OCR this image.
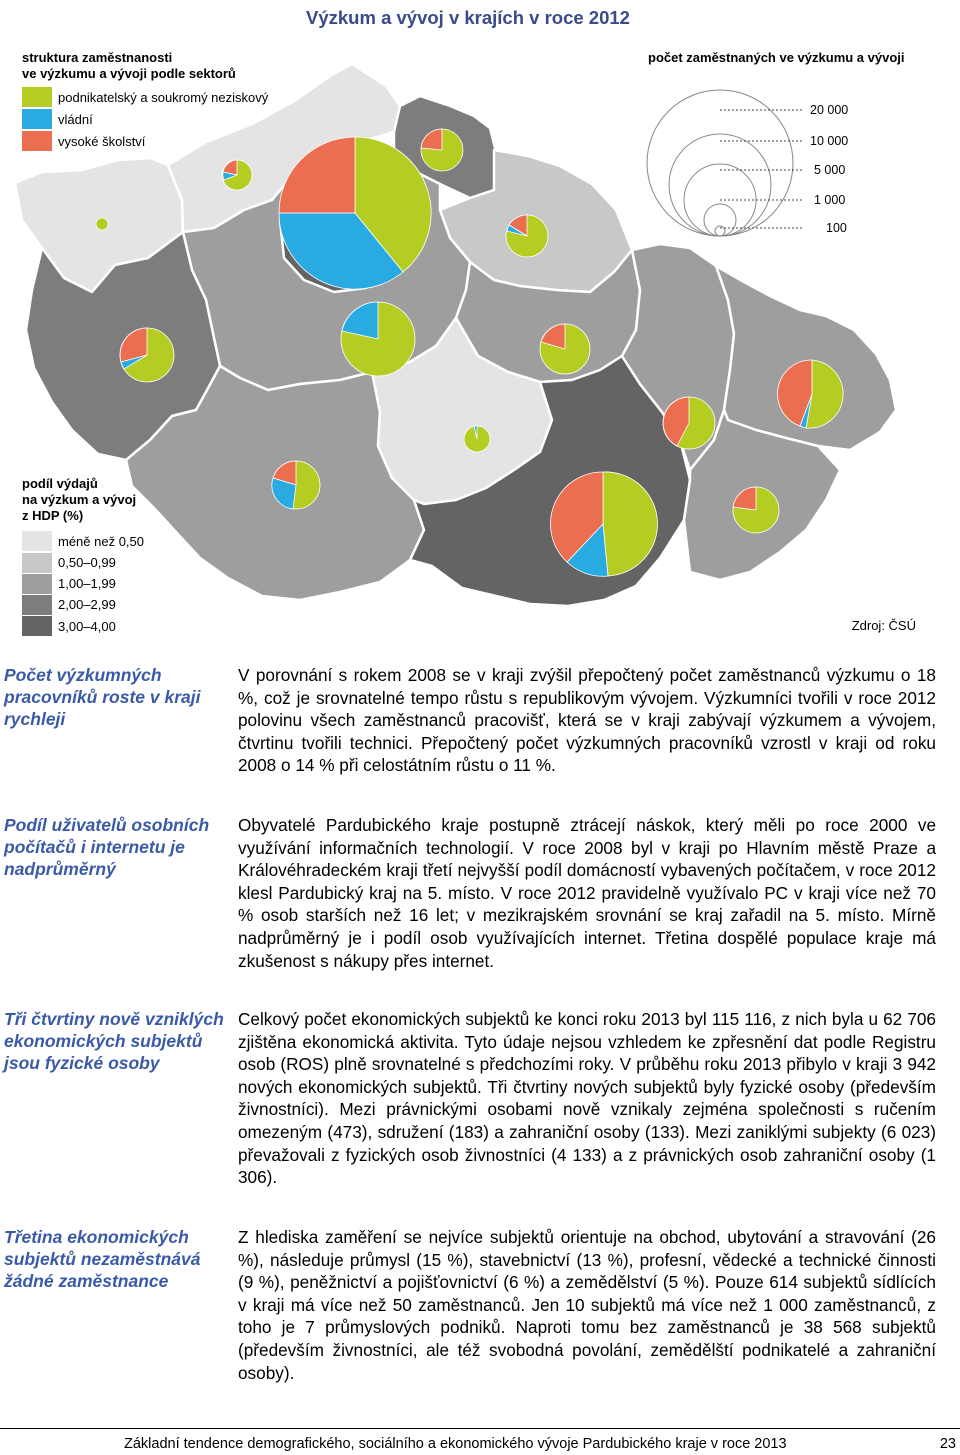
Výzkum a vývoj v krajích v roce 2012
počet zaměstnaných ve výzkumu a vývoji
20 000
10 000
5 000
1 000
100
struktura zaměstnanosti
ve výzkumu a vývoji podle sektorů
podnikatelský a soukromý neziskový
vládní
vysoké školství
podíl výdajů
na výzkum a vývoj
z HDP (%)
méně než 0,50
0,50–0,99
1,00–1,99
2,00–2,99
3,00–4,00	Zdroj: ČSÚ
Počet výzkumných pracovníků roste v kraji rychleji
Podíl uživatelů osobních počítačů i internetu je nadprůměrný
Tři čtvrtiny nově vzniklých ekonomických subjektů jsou fyzické osoby
Třetina ekonomických subjektů nezaměstnává žádné zaměstnance

V porovnání s rokem 2008 se v kraji zvýšil přepočtený počet zaměstnanců výzkumu o 18 %, což je srovnatelné tempo růstu s republikovým vývojem. Výzkumníci tvořili v roce 2012 polovinu všech zaměstnanců pracovišť, která se v kraji zabývají výzkumem a vývojem, čtvrtinu tvořili technici. Přepočtený počet výzkumných pracovníků vzrostl v kraji od roku 2008 o 14 % při celostátním růstu o 11 %.

Obyvatelé Pardubického kraje postupně ztrácejí náskok, který měli po roce 2000 ve využívání informačních technologií. V roce 2008 byl v kraji po Hlavním městě Praze a Královéhradeckém kraji třetí nejvyšší podíl domácností vybavených počítačem, v roce 2012 klesl Pardubický kraj na 5. místo. V roce 2012 pravidelně využívalo PC v kraji více než 70 % osob starších než 16 let; v mezikrajském srovnání se kraj zařadil na 5. místo. Mírně nadprůměrný je i podíl osob využívajících internet. Třetina dospělé populace kraje má zkušenost s nákupy přes internet.

Celkový počet ekonomických subjektů ke konci roku 2013 byl 115 116, z nich byla u 62 706 zjištěna ekonomická aktivita. Tyto údaje nejsou vzhledem ke zpřesnění dat podle Registru osob (ROS) plně srovnatelné s předchozími roky. V průběhu roku 2013 přibylo v kraji 3 942 nových ekonomických subjektů. Tři čtvrtiny nových subjektů byly fyzické osoby (především živnostníci). Mezi právnickými osobami nově vznikaly zejména společnosti s ručením omezeným (473), sdružení (183) a zahraniční osoby (133). Mezi zaniklými subjekty (6 023) převažovali z fyzických osob živnostníci (4 133) a z právnických osob zahraniční osoby (1 306).

Z hlediska zaměření se nejvíce subjektů orientuje na obchod, ubytování a stravování (26 %), následuje průmysl (15 %), stavebnictví (13 %), profesní, vědecké a technické činnosti (9 %), peněžnictví a pojišťovnictví (6 %) a zemědělství (5 %). Pouze 614 subjektů sídlících v kraji má více než 50 zaměstnanců. Jen 10 subjektů má více než 1 000 zaměstnanců, z toho je 7 průmyslových podniků. Naproti tomu bez zaměstnanců je 38 568 subjektů (především živnostníci, ale též svobodná povolání, zemědělští podnikatelé a zahraniční osoby).

Základní tendence demografického, sociálního a ekonomického vývoje Pardubického kraje v roce 2013	23
